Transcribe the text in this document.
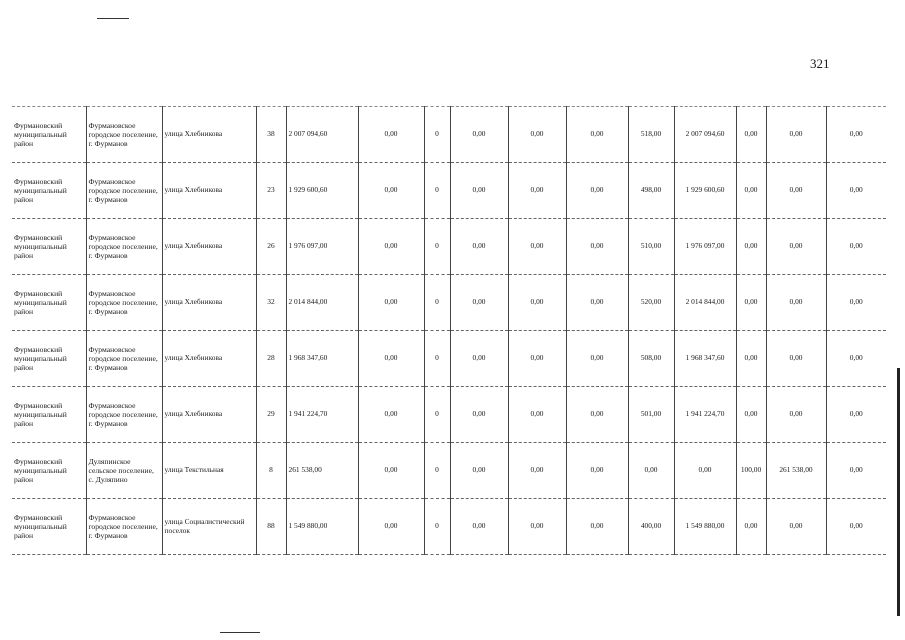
321
Фурмановский муниципальный район	Фурмановское городское поселение, г. Фурманов	улица Хлебникова	38	2 007 094,60	0,00	0	0,00	0,00	0,00	518,00	2 007 094,60	0,00	0,00	0,00
Фурмановский муниципальный район	Фурмановское городское поселение, г. Фурманов	улица Хлебникова	23	1 929 600,60	0,00	0	0,00	0,00	0,00	498,00	1 929 600,60	0,00	0,00	0,00
Фурмановский муниципальный район	Фурмановское городское поселение, г. Фурманов	улица Хлебникова	26	1 976 097,00	0,00	0	0,00	0,00	0,00	510,00	1 976 097,00	0,00	0,00	0,00
Фурмановский муниципальный район	Фурмановское городское поселение, г. Фурманов	улица Хлебникова	32	2 014 844,00	0,00	0	0,00	0,00	0,00	520,00	2 014 844,00	0,00	0,00	0,00
Фурмановский муниципальный район	Фурмановское городское поселение, г. Фурманов	улица Хлебникова	28	1 968 347,60	0,00	0	0,00	0,00	0,00	508,00	1 968 347,60	0,00	0,00	0,00
Фурмановский муниципальный район	Фурмановское городское поселение, г. Фурманов	улица Хлебникова	29	1 941 224,70	0,00	0	0,00	0,00	0,00	501,00	1 941 224,70	0,00	0,00	0,00
Фурмановский муниципальный район	Дуляпинское сельское поселение, с. Дуляпино	улица Текстильная	8	261 538,00	0,00	0	0,00	0,00	0,00	0,00	0,00	100,00	261 538,00	0,00
Фурмановский муниципальный район	Фурмановское городское поселение, г. Фурманов	улица Социалистический поселок	88	1 549 880,00	0,00	0	0,00	0,00	0,00	400,00	1 549 880,00	0,00	0,00	0,00
